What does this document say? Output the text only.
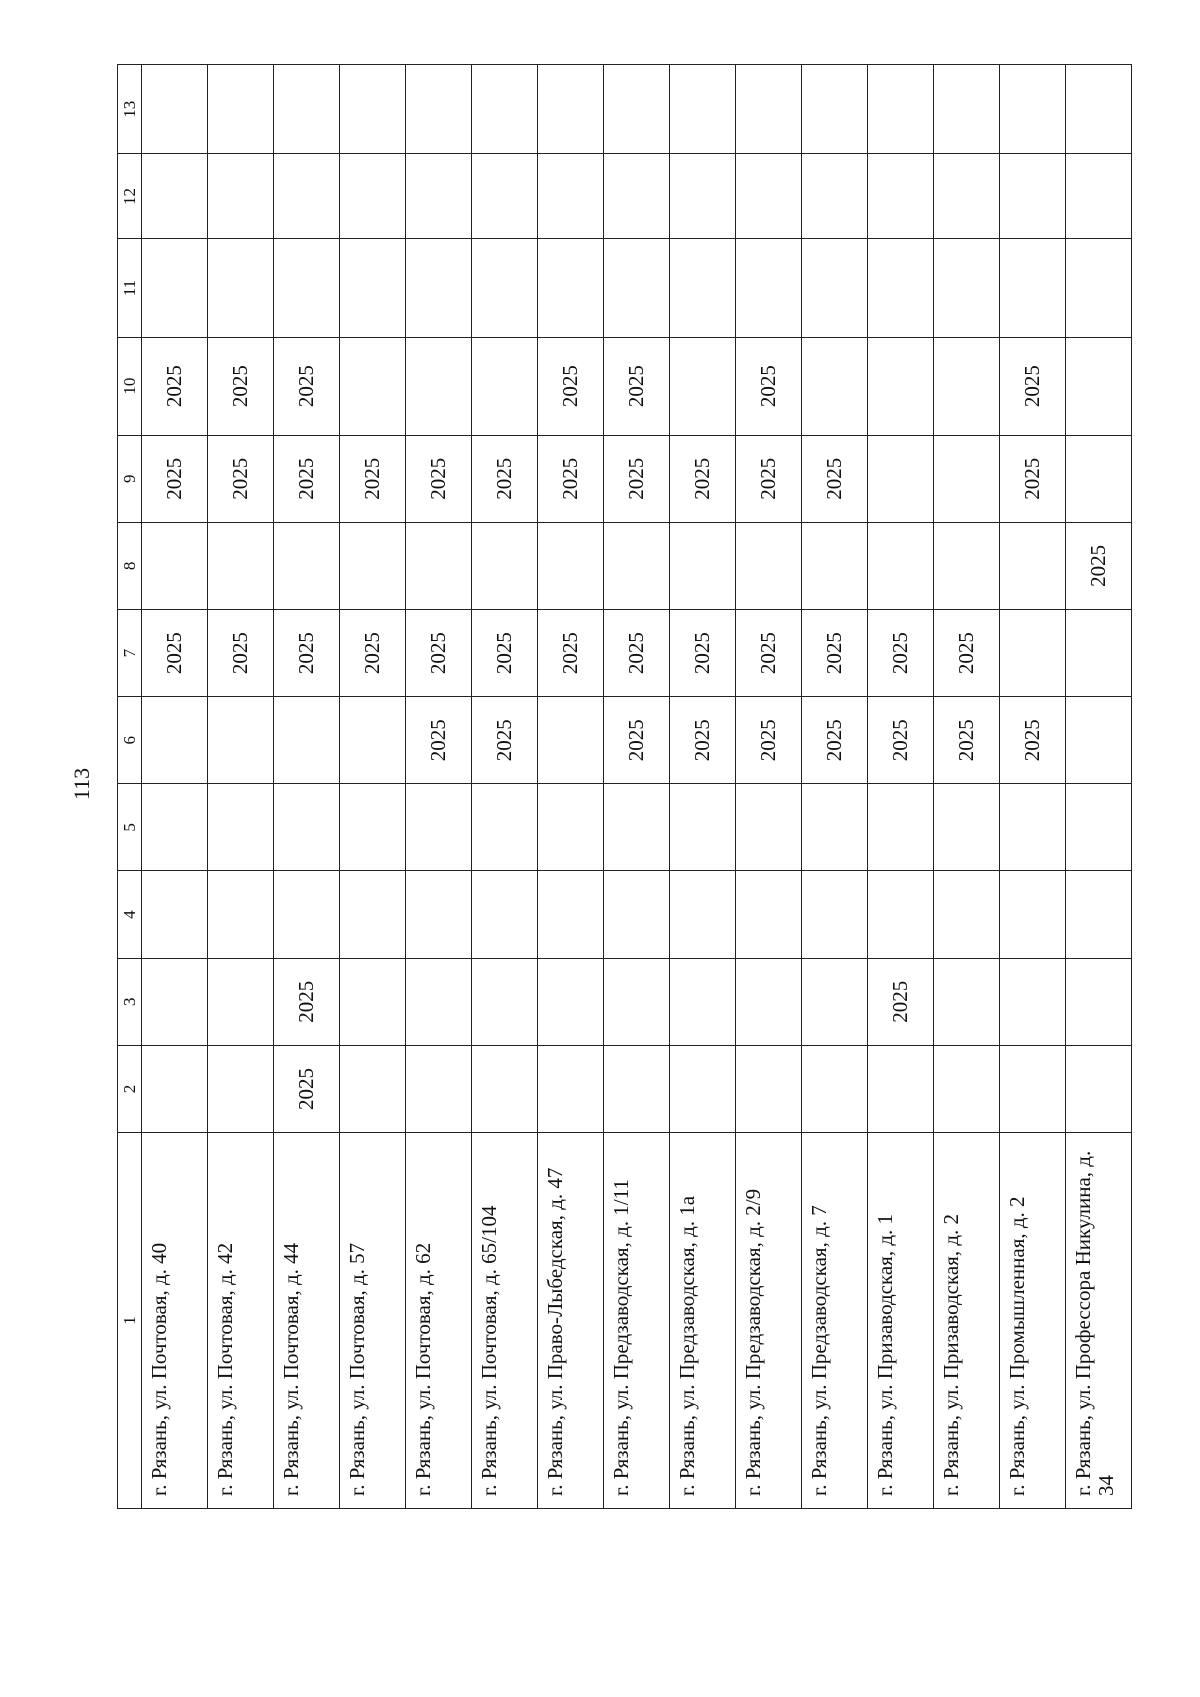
113
1	2	3	4	5	6	7	8	9	10	11	12	13
г. Рязань, ул. Почтовая, д. 40						2025		2025	2025			
г. Рязань, ул. Почтовая, д. 42						2025		2025	2025			
г. Рязань, ул. Почтовая, д. 44	2025	2025				2025		2025	2025			
г. Рязань, ул. Почтовая, д. 57						2025		2025				
г. Рязань, ул. Почтовая, д. 62					2025	2025		2025				
г. Рязань, ул. Почтовая, д. 65/104					2025	2025		2025				
г. Рязань, ул. Право-Лыбедская, д. 47						2025		2025	2025			
г. Рязань, ул. Предзаводская, д. 1/11					2025	2025		2025	2025			
г. Рязань, ул. Предзаводская, д. 1а					2025	2025		2025				
г. Рязань, ул. Предзаводская, д. 2/9					2025	2025		2025	2025			
г. Рязань, ул. Предзаводская, д. 7					2025	2025		2025				
г. Рязань, ул. Призаводская, д. 1		2025			2025	2025						
г. Рязань, ул. Призаводская, д. 2					2025	2025						
г. Рязань, ул. Промышленная, д. 2					2025			2025	2025			
г. Рязань, ул. Профессора Никулина, д. 34							2025					
